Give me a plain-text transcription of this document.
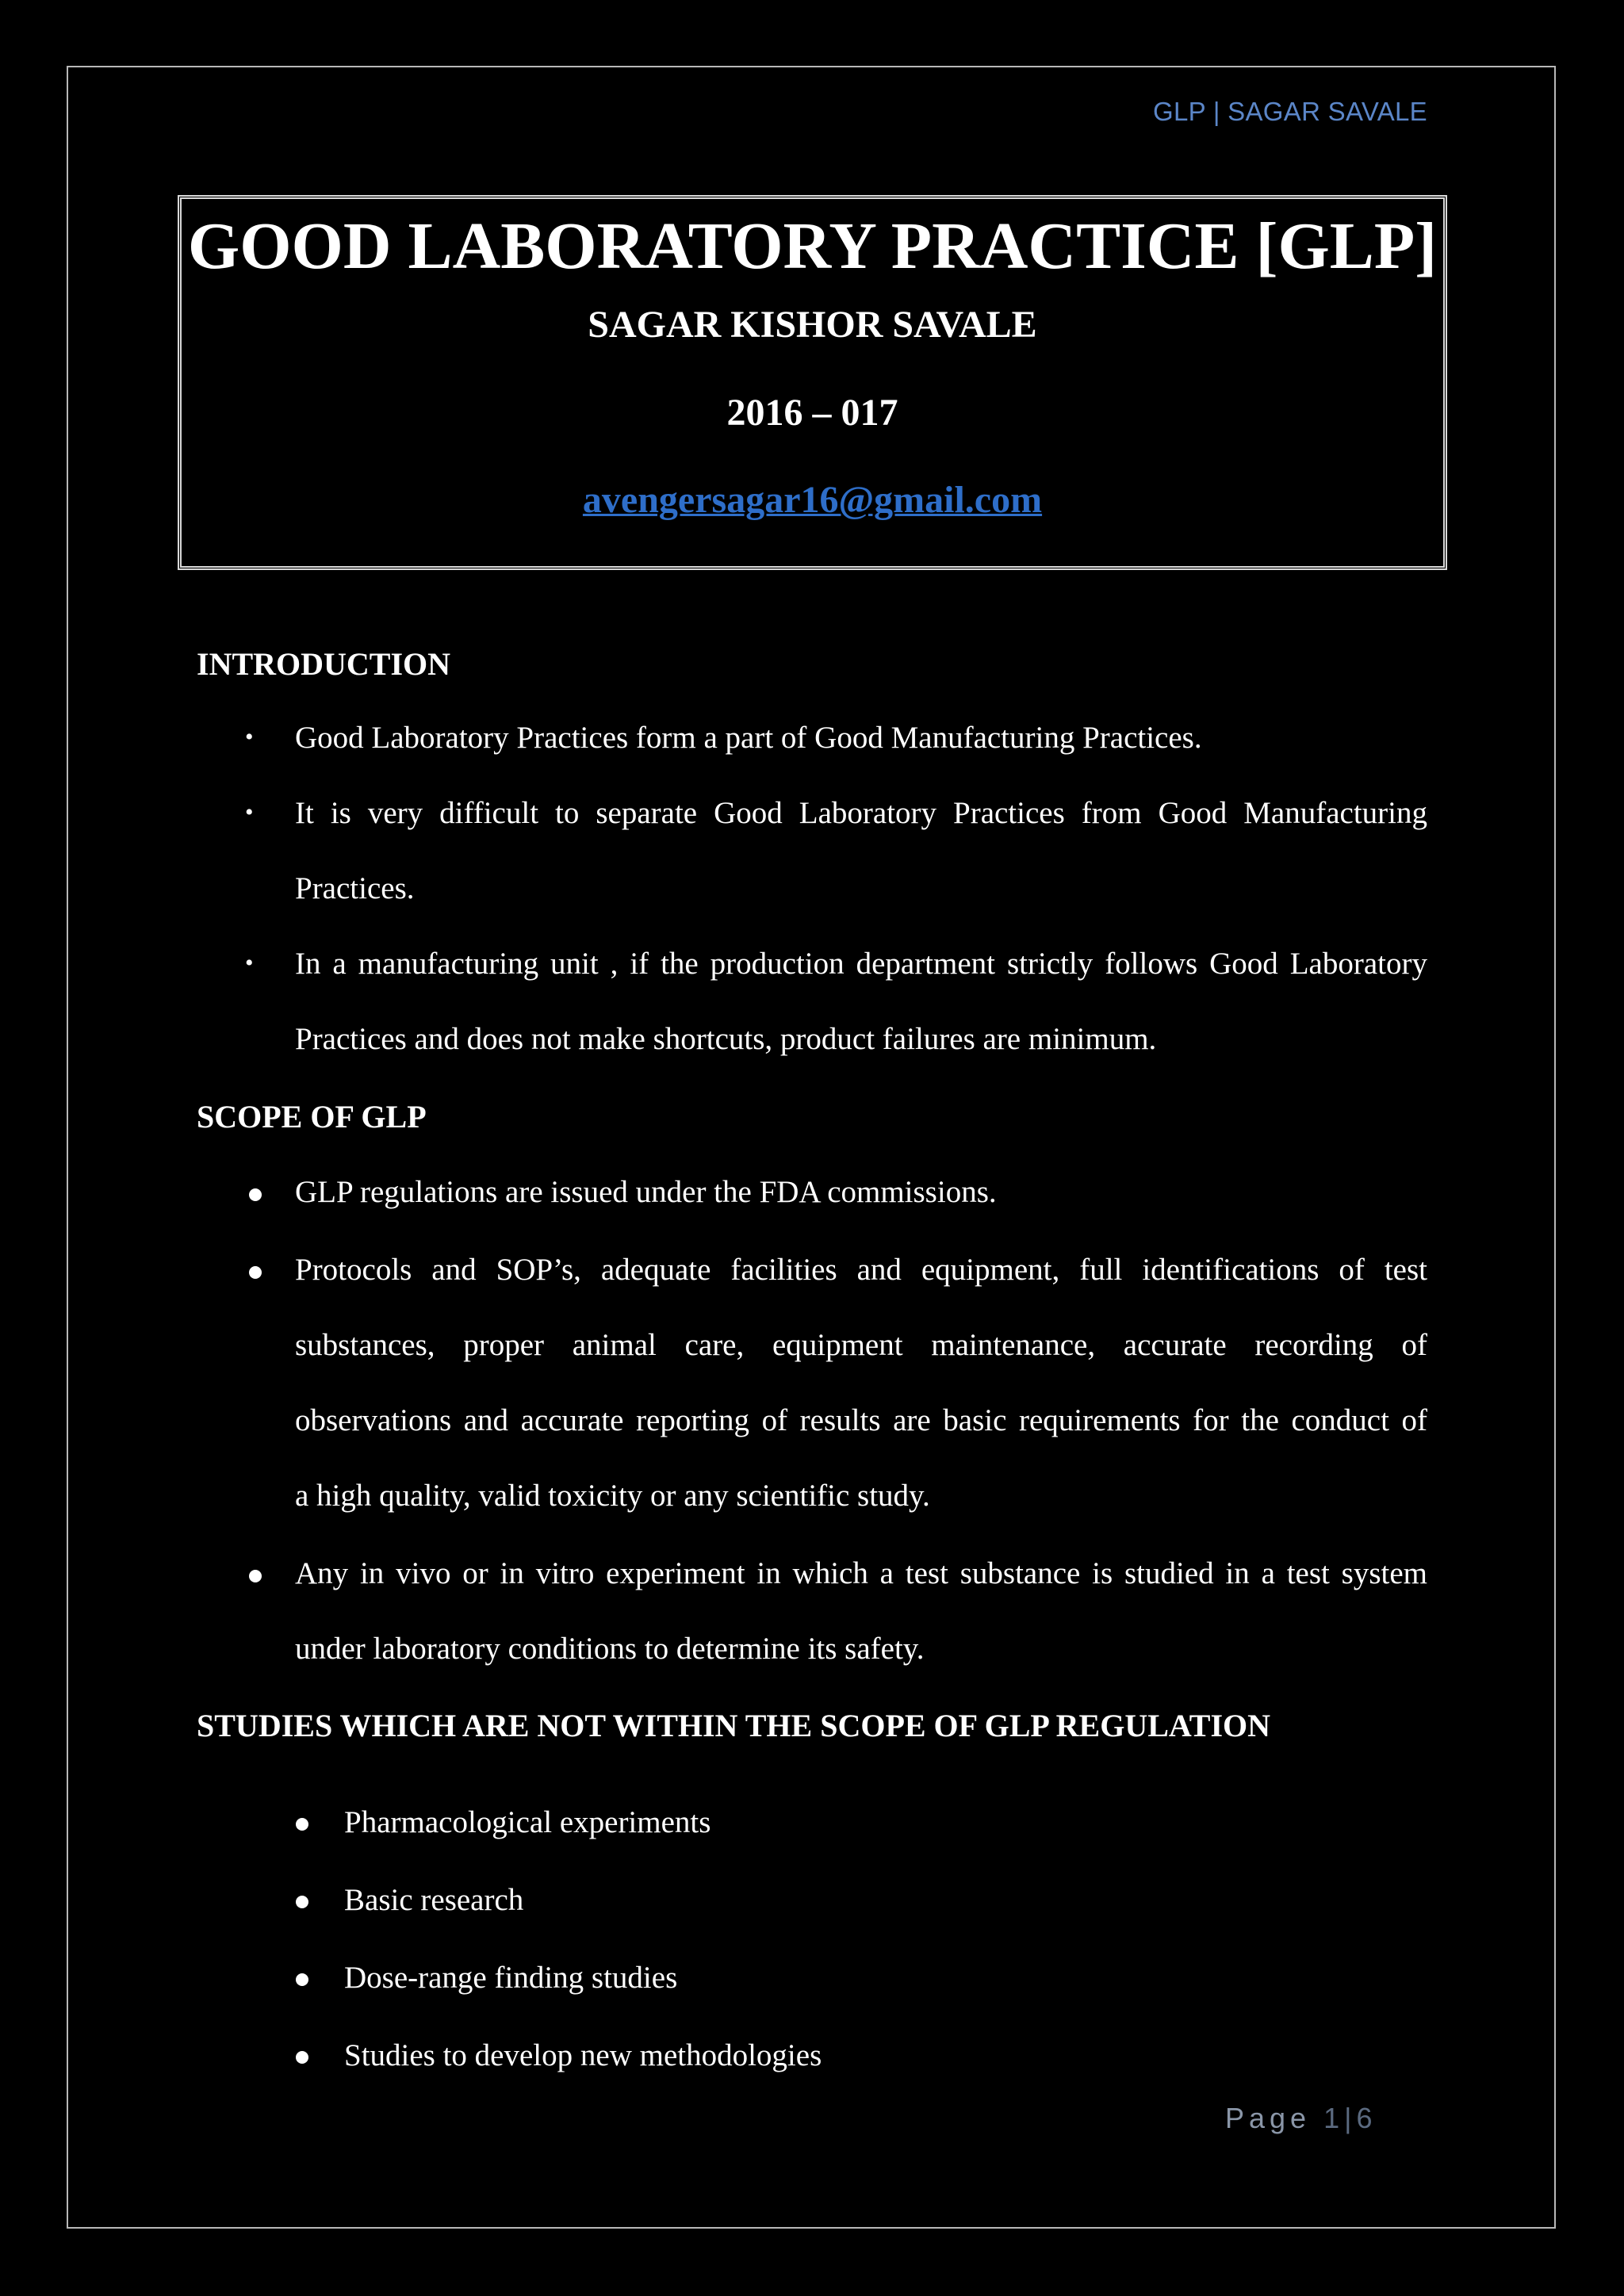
GLP | SAGAR SAVALE
GOOD LABORATORY PRACTICE [GLP]
SAGAR KISHOR SAVALE
2016 – 017
avengersagar16@gmail.com
INTRODUCTION
• Good Laboratory Practices form a part of Good Manufacturing Practices.
• It is very difficult to separate Good Laboratory Practices from Good Manufacturing
Practices.
• In a manufacturing unit , if the production department strictly follows Good Laboratory
Practices and does not make shortcuts, product failures are minimum.
SCOPE OF GLP
GLP regulations are issued under the FDA commissions.
Protocols and SOP’s, adequate facilities and equipment, full identifications of test
substances, proper animal care, equipment maintenance, accurate recording of
observations and accurate reporting of results are basic requirements for the conduct of
a high quality, valid toxicity or any scientific study.
Any in vivo or in vitro experiment in which a test substance is studied in a test system
under laboratory conditions to determine its safety.
STUDIES WHICH ARE NOT WITHIN THE SCOPE OF GLP REGULATION
Pharmacological experiments
Basic research
Dose-range finding studies
Studies to develop new methodologies
Page 1 | 6
